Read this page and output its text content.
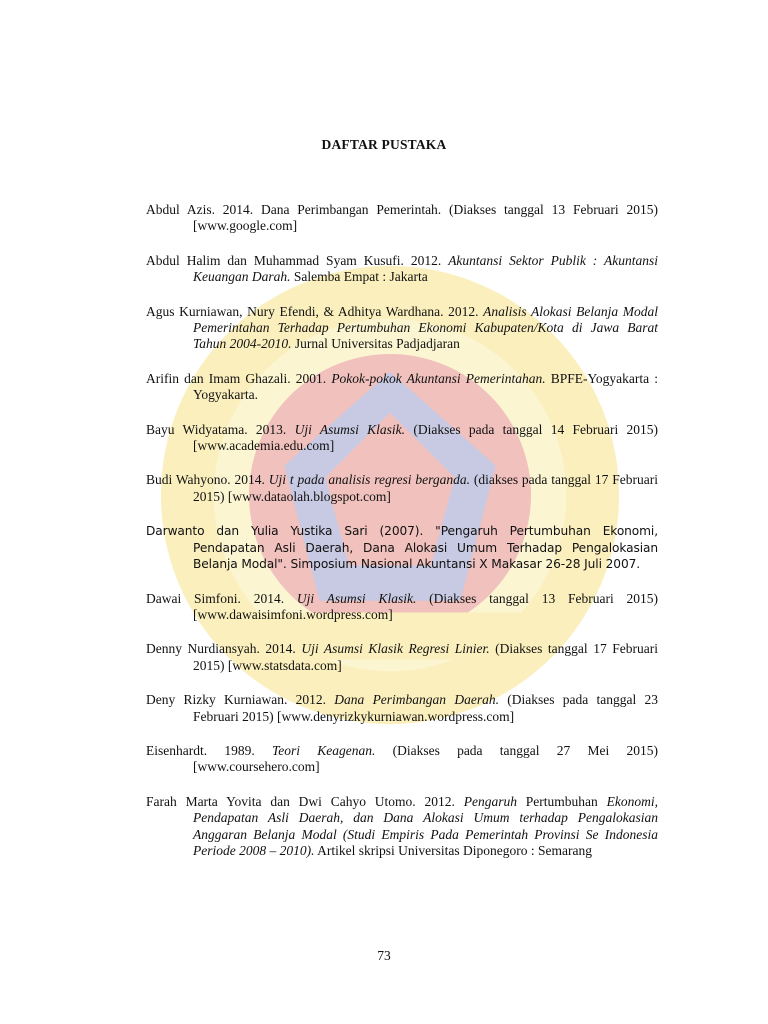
DAFTAR PUSTAKA

Abdul Azis. 2014. Dana Perimbangan Pemerintah. (Diakses tanggal 13 Februari 2015) [www.google.com]

Abdul Halim dan Muhammad Syam Kusufi. 2012. Akuntansi Sektor Publik : Akuntansi Keuangan Darah. Salemba Empat : Jakarta

Agus Kurniawan, Nury Efendi, & Adhitya Wardhana. 2012. Analisis Alokasi Belanja Modal Pemerintahan Terhadap Pertumbuhan Ekonomi Kabupaten/Kota di Jawa Barat Tahun 2004-2010. Jurnal Universitas Padjadjaran

Arifin dan Imam Ghazali. 2001. Pokok-pokok Akuntansi Pemerintahan. BPFE-Yogyakarta : Yogyakarta.

Bayu Widyatama. 2013. Uji Asumsi Klasik. (Diakses pada tanggal 14 Februari 2015) [www.academia.edu.com]

Budi Wahyono. 2014. Uji t pada analisis regresi berganda. (diakses pada tanggal 17 Februari 2015) [www.dataolah.blogspot.com]

Darwanto dan Yulia Yustika Sari (2007). "Pengaruh Pertumbuhan Ekonomi, Pendapatan Asli Daerah, Dana Alokasi Umum Terhadap Pengalokasian Belanja Modal". Simposium Nasional Akuntansi X Makasar 26-28 Juli 2007.

Dawai Simfoni. 2014. Uji Asumsi Klasik. (Diakses tanggal 13 Februari 2015) [www.dawaisimfoni.wordpress.com]

Denny Nurdiansyah. 2014. Uji Asumsi Klasik Regresi Linier. (Diakses tanggal 17 Februari 2015) [www.statsdata.com]

Deny Rizky Kurniawan. 2012. Dana Perimbangan Daerah. (Diakses pada tanggal 23 Februari 2015) [www.denyrizkykurniawan.wordpress.com]

Eisenhardt. 1989. Teori Keagenan. (Diakses pada tanggal 27 Mei 2015) [www.coursehero.com]

Farah Marta Yovita dan Dwi Cahyo Utomo. 2012. Pengaruh Pertumbuhan Ekonomi, Pendapatan Asli Daerah, dan Dana Alokasi Umum terhadap Pengalokasian Anggaran Belanja Modal (Studi Empiris Pada Pemerintah Provinsi Se Indonesia Periode 2008 – 2010). Artikel skripsi Universitas Diponegoro : Semarang

73
